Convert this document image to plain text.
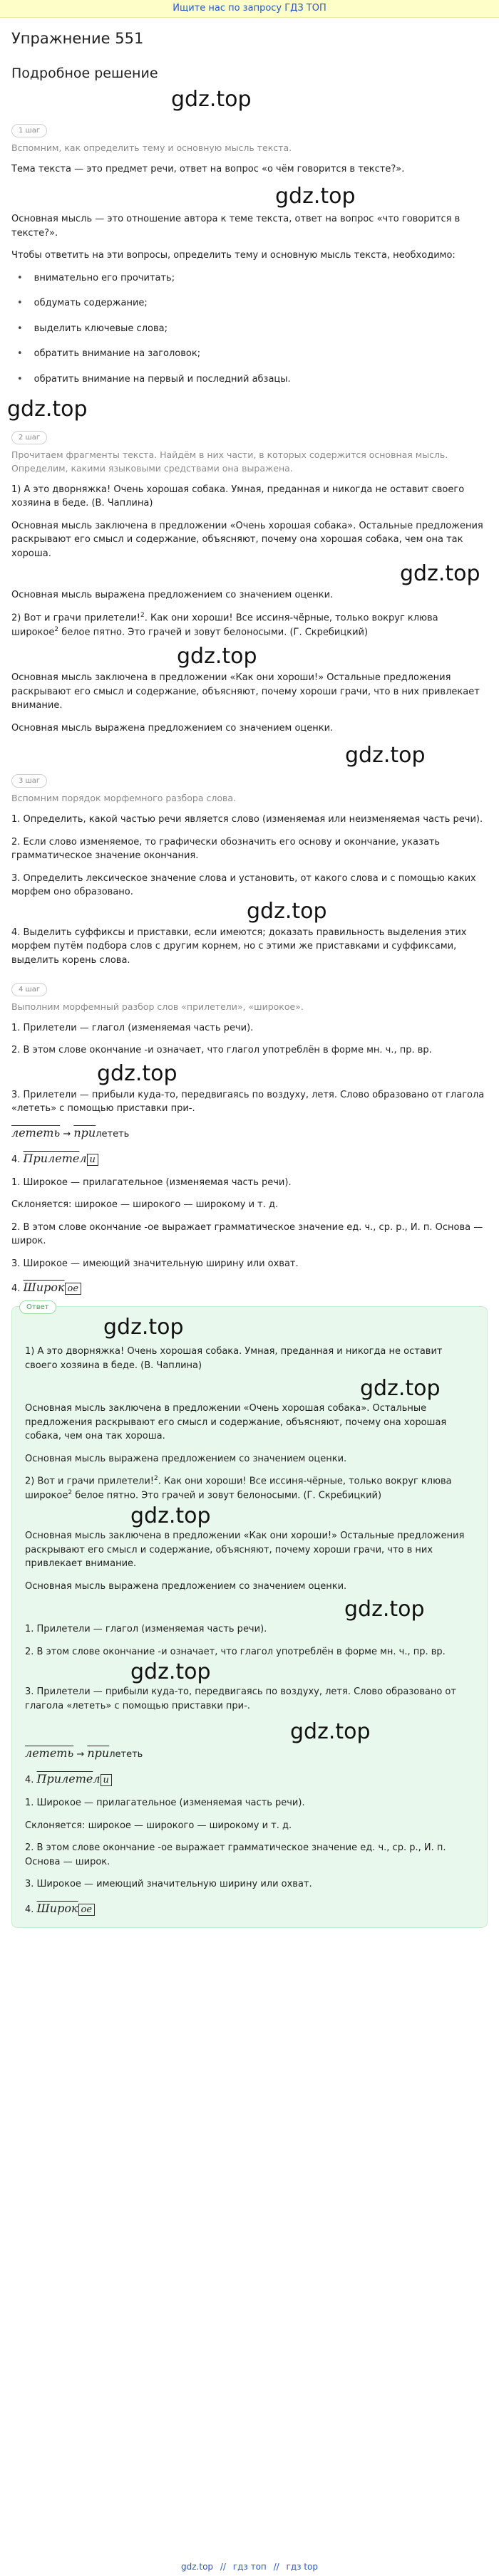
Ищите нас по запросу ГДЗ ТОП
Упражнение 551
Подробное решение
gdz.top
1 шаг

Вспомним, как определить тему и основную мысль текста.

Тема текста — это предмет речи, ответ на вопрос «о чём говорится в тексте?».

gdz.top

Основная мысль — это отношение автора к теме текста, ответ на вопрос «что говорится в тексте?».

Чтобы ответить на эти вопросы, определить тему и основную мысль текста, необходимо:

• внимательно его прочитать;
• обдумать содержание;
• выделить ключевые слова;
• обратить внимание на заголовок;
• обратить внимание на первый и последний абзацы.
gdz.top
2 шаг

Прочитаем фрагменты текста. Найдём в них части, в которых содержится основная мысль. Определим, какими языковыми средствами она выражена.

1) А это дворняжка! Очень хорошая собака. Умная, преданная и никогда не оставит своего хозяина в беде. (В. Чаплина)

Основная мысль заключена в предложении «Очень хорошая собака». Остальные предложения раскрывают его смысл и содержание, объясняют, почему она хорошая собака, чем она так хороша.

gdz.top

Основная мысль выражена предложением со значением оценки.

2) Вот и грачи прилетели!$^2$. Как они хороши! Все иссиня-чёрные, только вокруг клюва широкое$^2$ белое пятно. Это грачей и зовут белоносыми. (Г. Скребицкий)

gdz.top

Основная мысль заключена в предложении «Как они хороши!» Остальные предложения раскрывают его смысл и содержание, объясняют, почему хороши грачи, что в них привлекает внимание.

Основная мысль выражена предложением со значением оценки.

gdz.top
3 шаг

Вспомним порядок морфемного разбора слова.

1. Определить, какой частью речи является слово (изменяемая или неизменяемая часть речи).

2. Если слово изменяемое, то графически обозначить его основу и окончание, указать грамматическое значение окончания.

3. Определить лексическое значение слова и установить, от какого слова и с помощью каких морфем оно образовано.

gdz.top

4. Выделить суффиксы и приставки, если имеются; доказать правильность выделения этих морфем путём подбора слов с другим корнем, но с этими же приставками и суффиксами, выделить корень слова.

4 шаг

Выполним морфемный разбор слов «прилетели», «широкое».

1. Прилетели — глагол (изменяемая часть речи).

2. В этом слове окончание -и означает, что глагол употреблён в форме мн. ч., пр. вр.

gdz.top

3. Прилетели — прибыли куда-то, передвигаясь по воздуху, летя. Слово образовано от глагола «лететь» с помощью приставки при-.

лететь → прилететь

4. Прилетел и

1. Широкое — прилагательное (изменяемая часть речи).

Склоняется: широкое — широкого — широкому и т. д.

2. В этом слове окончание -ое выражает грамматическое значение ед. ч., ср. р., И. п. Основа — широк.

3. Широкое — имеющий значительную ширину или охват.

4. Широк ое

Ответ
gdz.top

1) А это дворняжка! Очень хорошая собака. Умная, преданная и никогда не оставит своего хозяина в беде. (В. Чаплина)

gdz.top

Основная мысль заключена в предложении «Очень хорошая собака». Остальные предложения раскрывают его смысл и содержание, объясняют, почему она хорошая собака, чем она так хороша.

Основная мысль выражена предложением со значением оценки.

2) Вот и грачи прилетели!$^2$. Как они хороши! Все иссиня-чёрные, только вокруг клюва широкое$^2$ белое пятно. Это грачей и зовут белоносыми. (Г. Скребицкий)

gdz.top

Основная мысль заключена в предложении «Как они хороши!» Остальные предложения раскрывают его смысл и содержание, объясняют, почему хороши грачи, что в них привлекает внимание.

Основная мысль выражена предложением со значением оценки.

gdz.top

1. Прилетели — глагол (изменяемая часть речи).

2. В этом слове окончание -и означает, что глагол употреблён в форме мн. ч., пр. вр.

gdz.top

3. Прилетели — прибыли куда-то, передвигаясь по воздуху, летя. Слово образовано от глагола «лететь» с помощью приставки при-.

gdz.top

лететь → прилететь

4. Прилетел и

1. Широкое — прилагательное (изменяемая часть речи).

Склоняется: широкое — широкого — широкому и т. д.

2. В этом слове окончание -ое выражает грамматическое значение ед. ч., ср. р., И. п. Основа — широк.

3. Широкое — имеющий значительную ширину или охват.

4. Широк ое

gdz.top // гдз топ // гдз top
